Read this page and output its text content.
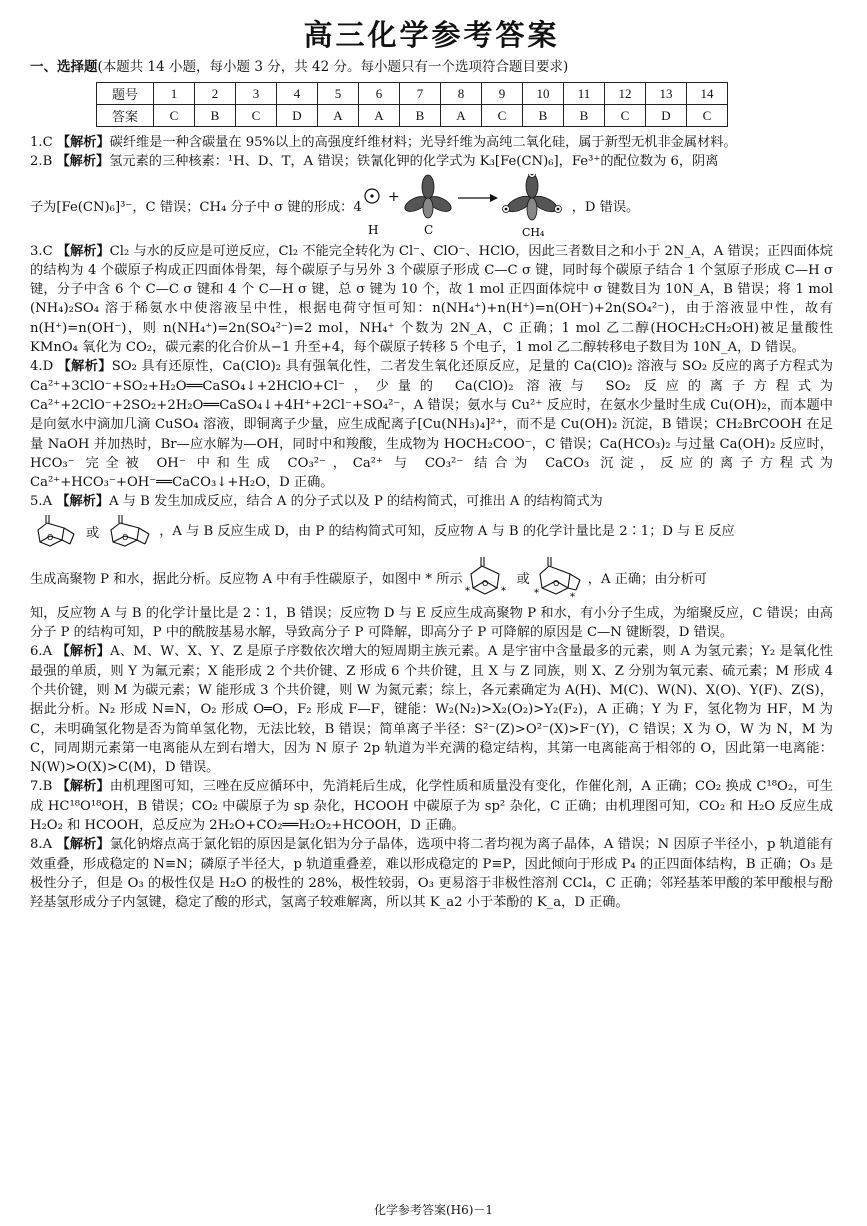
高三化学参考答案
一、选择题(本题共 14 小题，每小题 3 分，共 42 分。每小题只有一个选项符合题目要求)
题号	1	2	3	4	5	6	7	8	9	10	11	12	13	14
答案	C	B	C	D	A	A	B	A	C	B	B	C	D	C

1.C 【解析】碳纤维是一种含碳量在 95%以上的高强度纤维材料；光导纤维为高纯二氧化硅，属于新型无机非金属材料。

2.B 【解析】氢元素的三种核素：¹H、D、T，A 错误；铁氰化钾的化学式为 K₃[Fe(CN)₆]，Fe³⁺的配位数为 6，阴离

子为[Fe(CN)₆]³⁻，C 错误；CH₄ 分子中 σ 键的形成：4
+
H	C	CH₄
，D 错误。

3.C 【解析】Cl₂ 与水的反应是可逆反应，Cl₂ 不能完全转化为 Cl⁻、ClO⁻、HClO，因此三者数目之和小于 2N_A，A 错误；正四面体烷的结构为 4 个碳原子构成正四面体骨架，每个碳原子与另外 3 个碳原子形成 C—C σ 键，同时每个碳原子结合 1 个氢原子形成 C—H σ 键，分子中含 6 个 C—C σ 键和 4 个 C—H σ 键，总 σ 键为 10 个，故 1 mol 正四面体烷中 σ 键数目为 10N_A，B 错误；将 1 mol (NH₄)₂SO₄ 溶于稀氨水中使溶液呈中性，根据电荷守恒可知：n(NH₄⁺)+n(H⁺)=n(OH⁻)+2n(SO₄²⁻)，由于溶液显中性，故有 n(H⁺)=n(OH⁻)，则 n(NH₄⁺)=2n(SO₄²⁻)=2 mol，NH₄⁺ 个数为 2N_A，C 正确；1 mol 乙二醇(HOCH₂CH₂OH)被足量酸性 KMnO₄ 氧化为 CO₂，碳元素的化合价从−1 升至+4，每个碳原子转移 5 个电子，1 mol 乙二醇转移电子数目为 10N_A，D 错误。

4.D 【解析】SO₂ 具有还原性，Ca(ClO)₂ 具有强氧化性，二者发生氧化还原反应，足量的 Ca(ClO)₂ 溶液与 SO₂ 反应的离子方程式为 Ca²⁺+3ClO⁻+SO₂+H₂O══CaSO₄↓+2HClO+Cl⁻，少量的 Ca(ClO)₂ 溶液与 SO₂ 反应的离子方程式为 Ca²⁺+2ClO⁻+2SO₂+2H₂O══CaSO₄↓+4H⁺+2Cl⁻+SO₄²⁻，A 错误；氨水与 Cu²⁺ 反应时，在氨水少量时生成 Cu(OH)₂，而本题中是向氨水中滴加几滴 CuSO₄ 溶液，即铜离子少量，应生成配离子[Cu(NH₃)₄]²⁺，而不是 Cu(OH)₂ 沉淀，B 错误；CH₂BrCOOH 在足量 NaOH 并加热时，Br—应水解为—OH，同时中和羧酸，生成物为 HOCH₂COO⁻，C 错误；Ca(HCO₃)₂ 与过量 Ca(OH)₂ 反应时，HCO₃⁻ 完全被 OH⁻ 中和生成 CO₃²⁻，Ca²⁺ 与 CO₃²⁻ 结合为 CaCO₃ 沉淀，反应的离子方程式为 Ca²⁺+HCO₃⁻+OH⁻══CaCO₃↓+H₂O，D 正确。

5.A 【解析】A 与 B 发生加成反应，结合 A 的分子式以及 P 的结构简式，可推出 A 的结构简式为

O 或	O ，A 与 B 反应生成 D，由 P 的结构简式可知，反应物 A 与 B 的化学计量比是 2∶1；D 与 E 反应
生成高聚物 P 和水，据此分析。反应物 A 中有手性碳原子，如图中 * 所示 O
*	*
或	O
*	*
，A 正确；由分析可

知，反应物 A 与 B 的化学计量比是 2∶1，B 错误；反应物 D 与 E 反应生成高聚物 P 和水，有小分子生成，为缩聚反应，C 错误；由高分子 P 的结构可知，P 中的酰胺基易水解，导致高分子 P 可降解，即高分子 P 可降解的原因是 C—N 键断裂，D 错误。

6.A 【解析】A、M、W、X、Y、Z 是原子序数依次增大的短周期主族元素。A 是宇宙中含量最多的元素，则 A 为氢元素；Y₂ 是氧化性最强的单质，则 Y 为氟元素；X 能形成 2 个共价键、Z 形成 6 个共价键，且 X 与 Z 同族，则 X、Z 分别为氧元素、硫元素；M 形成 4 个共价键，则 M 为碳元素；W 能形成 3 个共价键，则 W 为氮元素；综上，各元素确定为 A(H)、M(C)、W(N)、X(O)、Y(F)、Z(S)，据此分析。N₂ 形成 N≡N，O₂ 形成 O═O，F₂ 形成 F—F，键能：W₂(N₂)>X₂(O₂)>Y₂(F₂)，A 正确；Y 为 F，氢化物为 HF，M 为 C，未明确氢化物是否为简单氢化物，无法比较，B 错误；简单离子半径：S²⁻(Z)>O²⁻(X)>F⁻(Y)，C 错误；X 为 O，W 为 N，M 为 C，同周期元素第一电离能从左到右增大，因为 N 原子 2p 轨道为半充满的稳定结构，其第一电离能高于相邻的 O，因此第一电离能：N(W)>O(X)>C(M)，D 错误。

7.B 【解析】由机理图可知，三唑在反应循环中，先消耗后生成，化学性质和质量没有变化，作催化剂，A 正确；CO₂ 换成 C¹⁸O₂，可生成 HC¹⁸O¹⁸OH，B 错误；CO₂ 中碳原子为 sp 杂化，HCOOH 中碳原子为 sp² 杂化，C 正确；由机理图可知，CO₂ 和 H₂O 反应生成 H₂O₂ 和 HCOOH，总反应为 2H₂O+CO₂══H₂O₂+HCOOH，D 正确。

8.A 【解析】氯化钠熔点高于氯化铝的原因是氯化铝为分子晶体，选项中将二者均视为离子晶体，A 错误；N 因原子半径小，p 轨道能有效重叠，形成稳定的 N≡N；磷原子半径大，p 轨道重叠差，难以形成稳定的 P≡P，因此倾向于形成 P₄ 的正四面体结构，B 正确；O₃ 是极性分子，但是 O₃ 的极性仅是 H₂O 的极性的 28%，极性较弱，O₃ 更易溶于非极性溶剂 CCl₄，C 正确；邻羟基苯甲酸的苯甲酸根与酚羟基氢形成分子内氢键，稳定了酸的形式，氢离子较难解离，所以其 K_a2 小于苯酚的 K_a，D 正确。

化学参考答案(H6)－1
